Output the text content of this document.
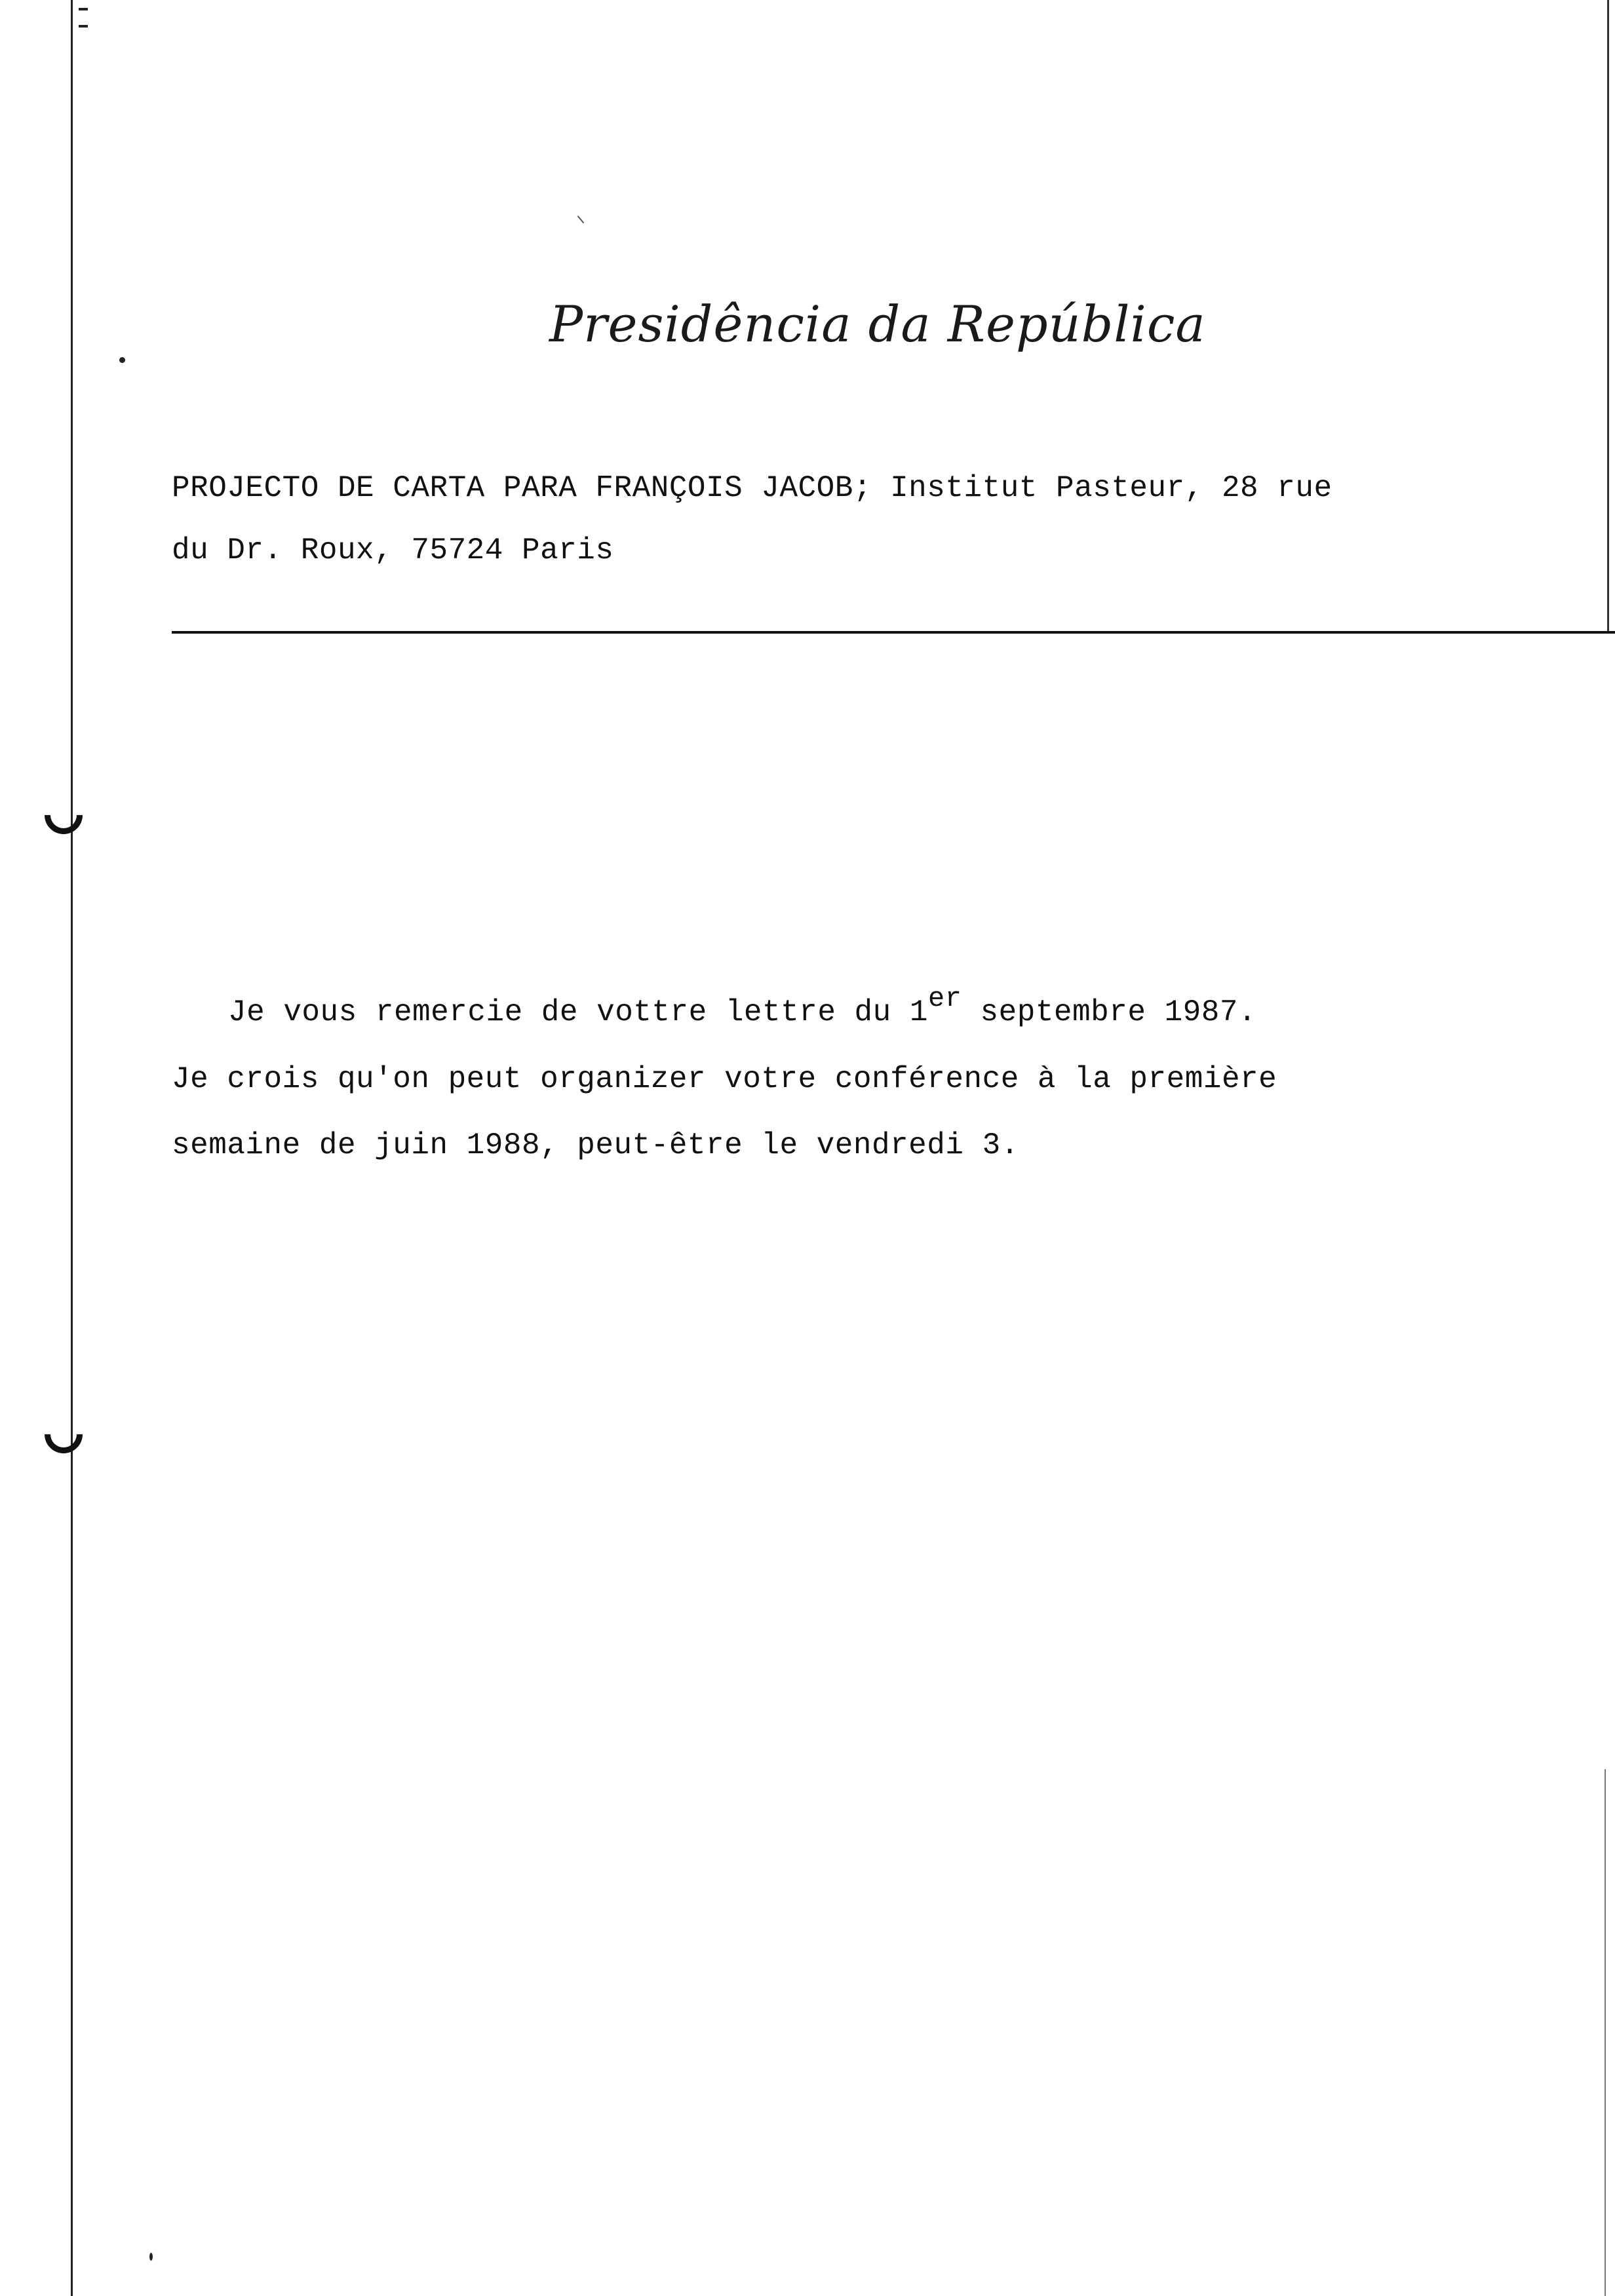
Presidência da República
PROJECTO DE CARTA PARA FRANÇOIS JACOB; Institut Pasteur, 28 rue
du Dr. Roux, 75724 Paris
Je vous remercie de vottre lettre du 1er septembre 1987.
Je crois qu'on peut organizer votre conférence à la première
semaine de juin 1988, peut-être le vendredi 3.
